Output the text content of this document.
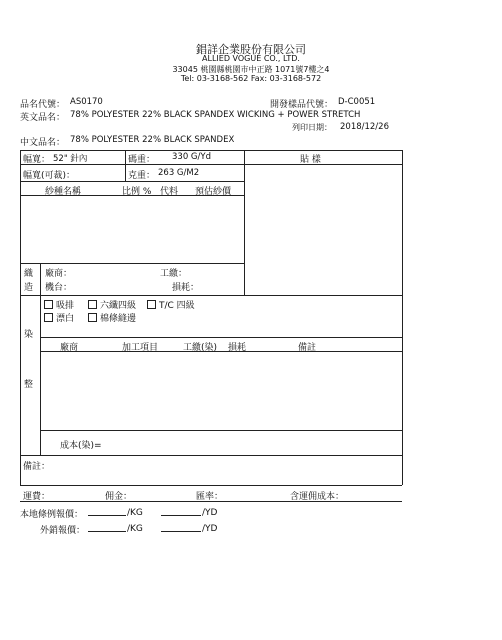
錩詳企業股份有限公司
ALLIED VOGUE CO., LTD.
33045 桃園縣桃園市中正路 1071號7樓之4
Tel: 03-3168-562 Fax: 03-3168-572
品名代號： AS0170	開發樣品代號： D-C0051
英文品名： 78% POLYESTER 22% BLACK SPANDEX WICKING + POWER STRETCH
列印日期： 2018/12/26
中文品名： 78% POLYESTER 22% BLACK SPANDEX
幅寬： 52" 針內	碼重： 330 G/Yd	貼 樣
幅寬(可裁)：	克重： 263 G/M2
紗種名稱	比例 % 代料 預估紗價
織
造
廠商：	工繳：
機台：	損耗：
染
整
吸排	六纖四級	T/C 四級
漂白	棉條縫邊
廠商	加工項目	工繳(染) 損耗	備註
成本(染)=
備註：
運費：	佣金：	匯率：	含運佣成本：
本地條例報價：	/KG	/YD
外銷報價：	/KG	/YD
